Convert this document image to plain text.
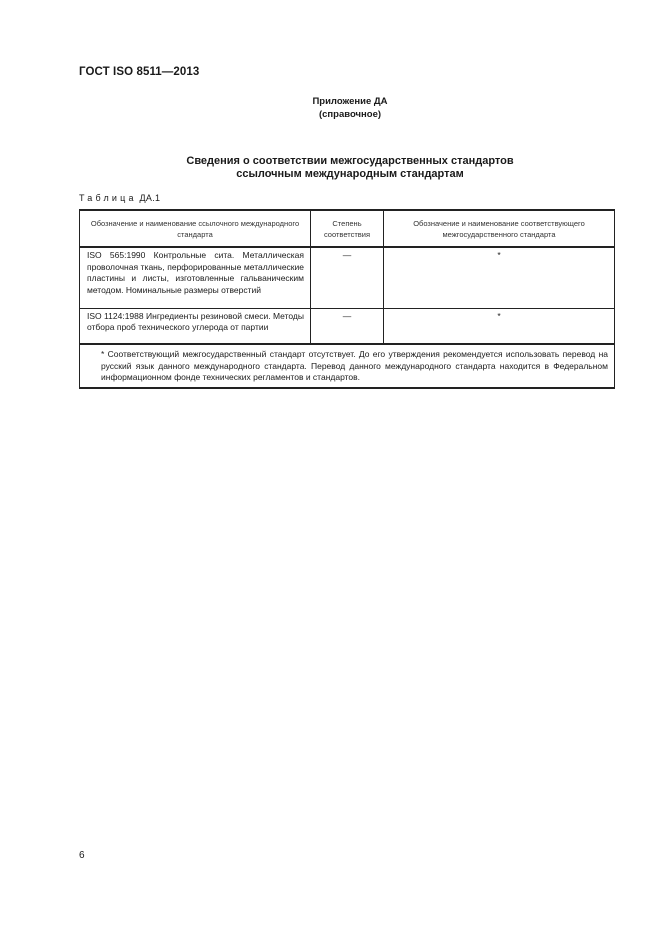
ГОСТ ISO 8511—2013
Приложение ДА
(справочное)
Сведения о соответствии межгосударственных стандартов
ссылочным международным стандартам
Таблица ДА.1
Обозначение и наименование ссылочного международного стандарта	Степень соответствия	Обозначение и наименование соответствующего межгосударственного стандарта

ISO 565:1990 Контрольные сита. Металлическая проволочная ткань, перфорированные металлические пластины и листы, изготовленные гальваническим методом. Номинальные размеры отверстий	—	*

ISO 1124:1988 Ингредиенты резиновой смеси. Методы отбора проб технического углерода от партии	—	*

* Соответствующий межгосударственный стандарт отсутствует. До его утверждения рекомендуется использовать перевод на русский язык данного международного стандарта. Перевод данного международного стандарта находится в Федеральном информационном фонде технических регламентов и стандартов.		
6
